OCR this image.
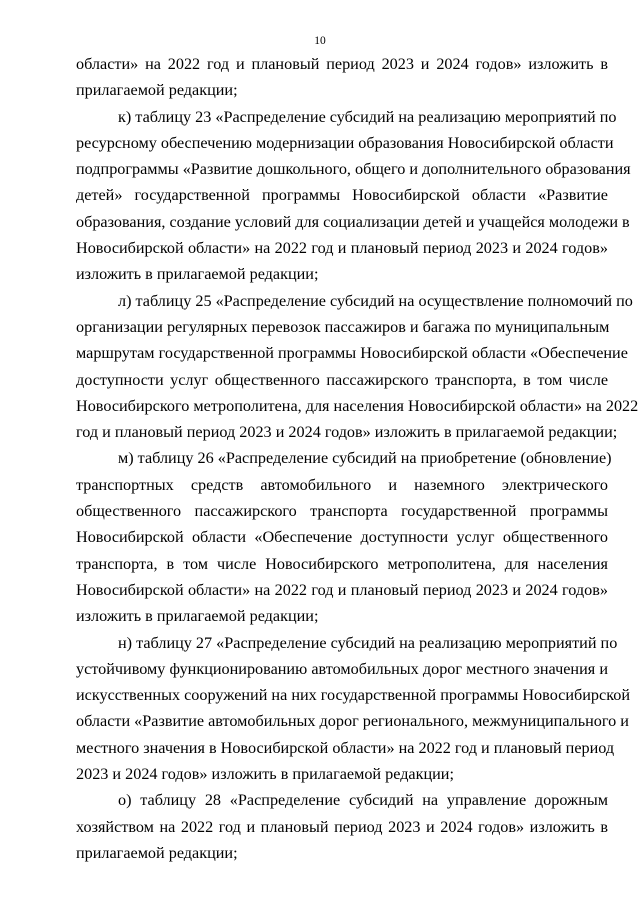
10
области» на 2022 год и плановый период 2023 и 2024 годов» изложить в
прилагаемой редакции;
к) таблицу 23 «Распределение субсидий на реализацию мероприятий по
ресурсному обеспечению модернизации образования Новосибирской области
подпрограммы «Развитие дошкольного, общего и дополнительного образования
детей» государственной программы Новосибирской области «Развитие
образования, создание условий для социализации детей и учащейся молодежи в
Новосибирской области» на 2022 год и плановый период 2023 и 2024 годов»
изложить в прилагаемой редакции;
л) таблицу 25 «Распределение субсидий на осуществление полномочий по
организации регулярных перевозок пассажиров и багажа по муниципальным
маршрутам государственной программы Новосибирской области «Обеспечение
доступности услуг общественного пассажирского транспорта, в том числе
Новосибирского метрополитена, для населения Новосибирской области» на 2022
год и плановый период 2023 и 2024 годов» изложить в прилагаемой редакции;
м) таблицу 26 «Распределение субсидий на приобретение (обновление)
транспортных средств автомобильного и наземного электрического
общественного пассажирского транспорта государственной программы
Новосибирской области «Обеспечение доступности услуг общественного
транспорта, в том числе Новосибирского метрополитена, для населения
Новосибирской области» на 2022 год и плановый период 2023 и 2024 годов»
изложить в прилагаемой редакции;
н) таблицу 27 «Распределение субсидий на реализацию мероприятий по
устойчивому функционированию автомобильных дорог местного значения и
искусственных сооружений на них государственной программы Новосибирской
области «Развитие автомобильных дорог регионального, межмуниципального и
местного значения в Новосибирской области» на 2022 год и плановый период
2023 и 2024 годов» изложить в прилагаемой редакции;
о) таблицу 28 «Распределение субсидий на управление дорожным
хозяйством на 2022 год и плановый период 2023 и 2024 годов» изложить в
прилагаемой редакции;
